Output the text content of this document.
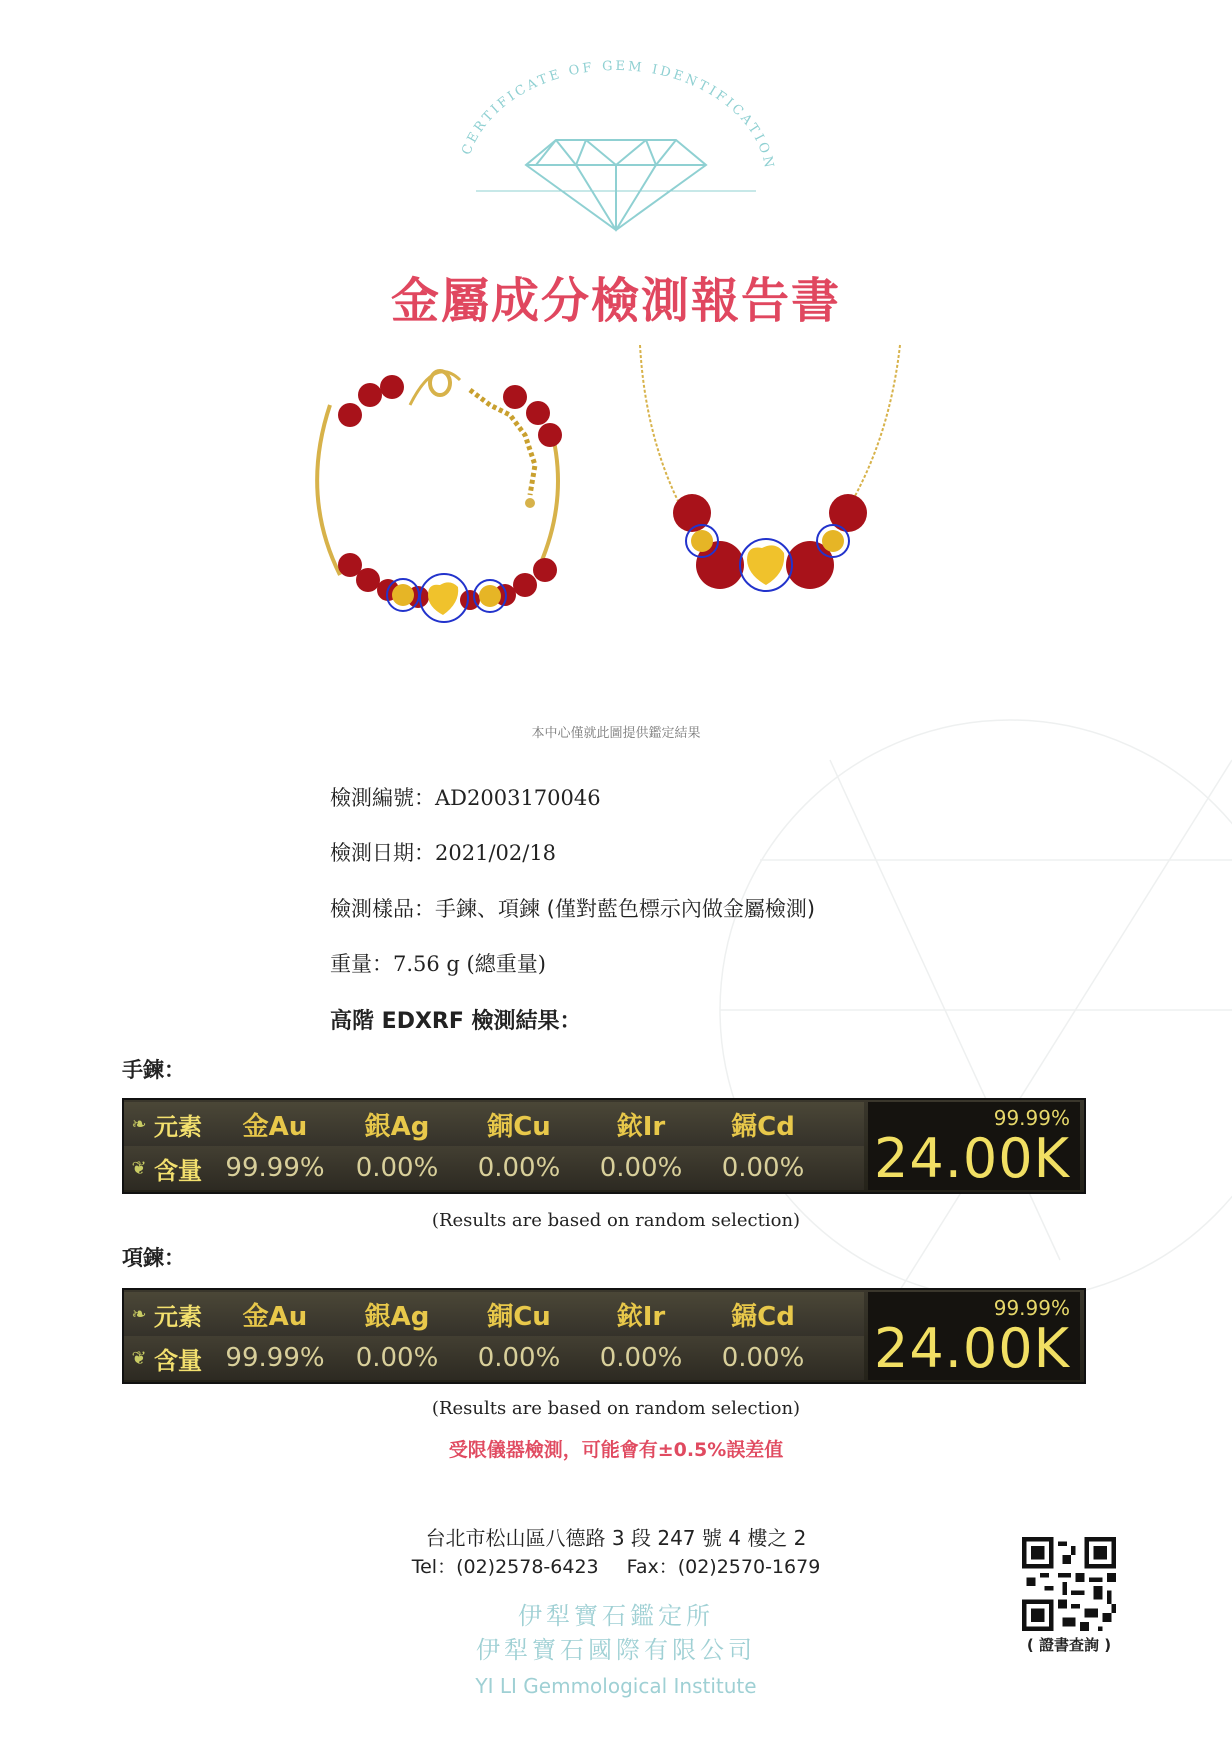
CERTIFICATE OF GEM IDENTIFICATION
金屬成分檢測報告書
本中心僅就此圖提供鑑定結果
檢測編號：AD2003170046
檢測日期：2021/02/18
檢測樣品：手鍊、項鍊 (僅對藍色標示內做金屬檢測)
重量：7.56 g (總重量)
高階 EDXRF 檢測結果：
手鍊：
❧ 元素	金Au	銀Ag	銅Cu	銥Ir	鎘Cd
❦ 含量 99.99%	0.00%	0.00%	0.00%	0.00%
99.99%
24.00K
(Results are based on random selection)
項鍊：
❧ 元素	金Au	銀Ag	銅Cu	銥Ir	鎘Cd
❦ 含量 99.99%	0.00%	0.00%	0.00%	0.00%
99.99%
24.00K
(Results are based on random selection)
受限儀器檢測，可能會有±0.5%誤差值
台北市松山區八德路 3 段 247 號 4 樓之 2
Tel：(02)2578-6423 Fax：(02)2570-1679
伊犁寶石鑑定所
伊犁寶石國際有限公司
YI LI Gemmological Institute
( 證書查詢 )
